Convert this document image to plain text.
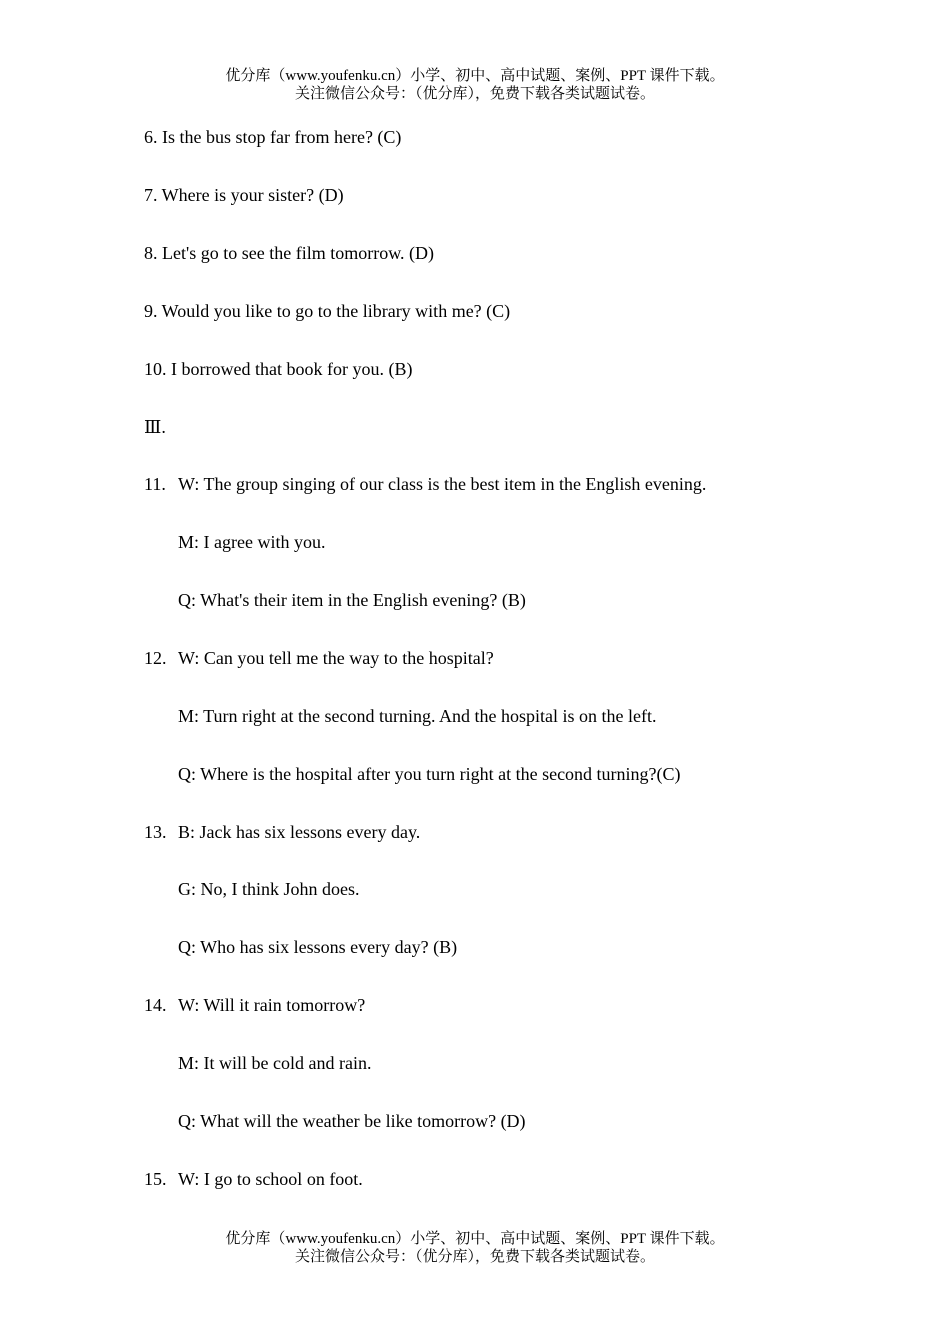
优分库（www.youfenku.cn）小学、初中、高中试题、案例、PPT 课件下载。
关注微信公众号：（优分库），免费下载各类试题试卷。
6. Is the bus stop far from here? (C)
7. Where is your sister? (D)
8. Let's go to see the film tomorrow. (D)
9. Would you like to go to the library with me? (C)
10. I borrowed that book for you. (B)
Ⅲ.
11. W: The group singing of our class is the best item in the English evening.
M: I agree with you.
Q: What's their item in the English evening? (B)
12. W: Can you tell me the way to the hospital?
M: Turn right at the second turning. And the hospital is on the left.
Q: Where is the hospital after you turn right at the second turning?(C)
13. B: Jack has six lessons every day.
G: No, I think John does.
Q: Who has six lessons every day? (B)
14. W: Will it rain tomorrow?
M: It will be cold and rain.
Q: What will the weather be like tomorrow? (D)
15. W: I go to school on foot.
优分库（www.youfenku.cn）小学、初中、高中试题、案例、PPT 课件下载。
关注微信公众号：（优分库），免费下载各类试题试卷。
